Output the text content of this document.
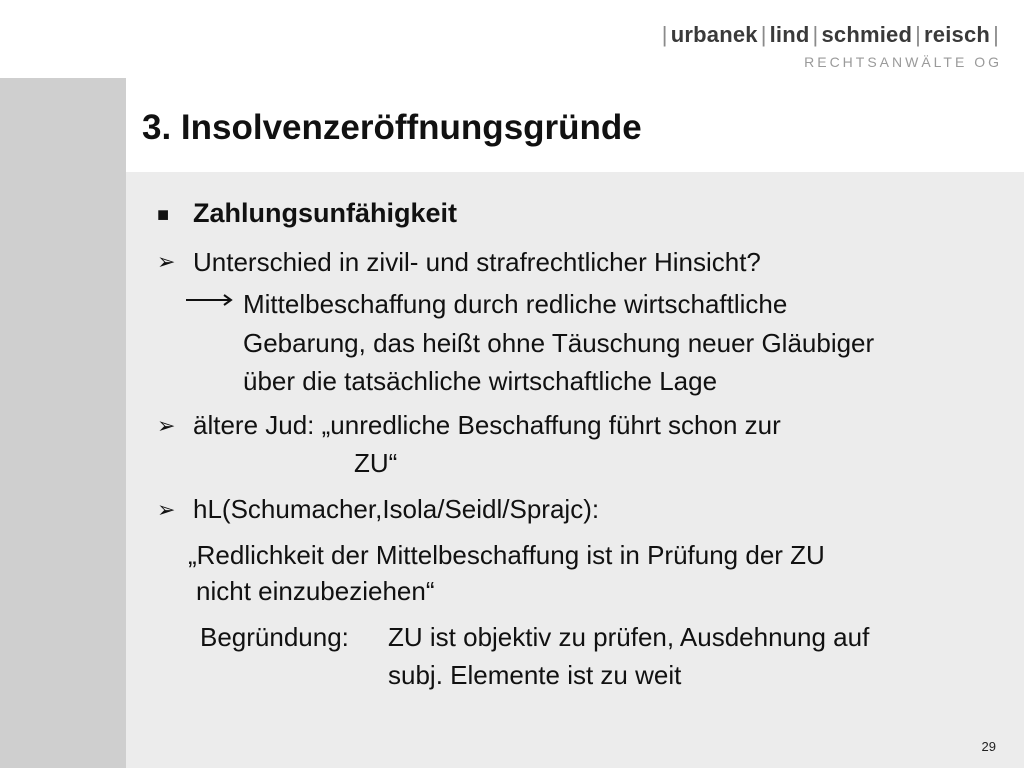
| urbanek | lind | schmied | reisch |
RECHTSANWÄLTE OG
3. Insolvenzeröffnungsgründe
■ Zahlungsunfähigkeit

➢ Unterschied in zivil- und strafrechtlicher Hinsicht?

Mittelbeschaffung durch redliche wirtschaftliche

Gebarung, das heißt ohne Täuschung neuer Gläubiger

über die tatsächliche wirtschaftliche Lage

➢ ältere Jud: „unredliche Beschaffung führt schon zur

ZU“

➢ hL(Schumacher,Isola/Seidl/Sprajc):

„Redlichkeit der Mittelbeschaffung ist in Prüfung der ZU

nicht einzubeziehen“

Begründung: ZU ist objektiv zu prüfen, Ausdehnung auf

subj. Elemente ist zu weit

29
